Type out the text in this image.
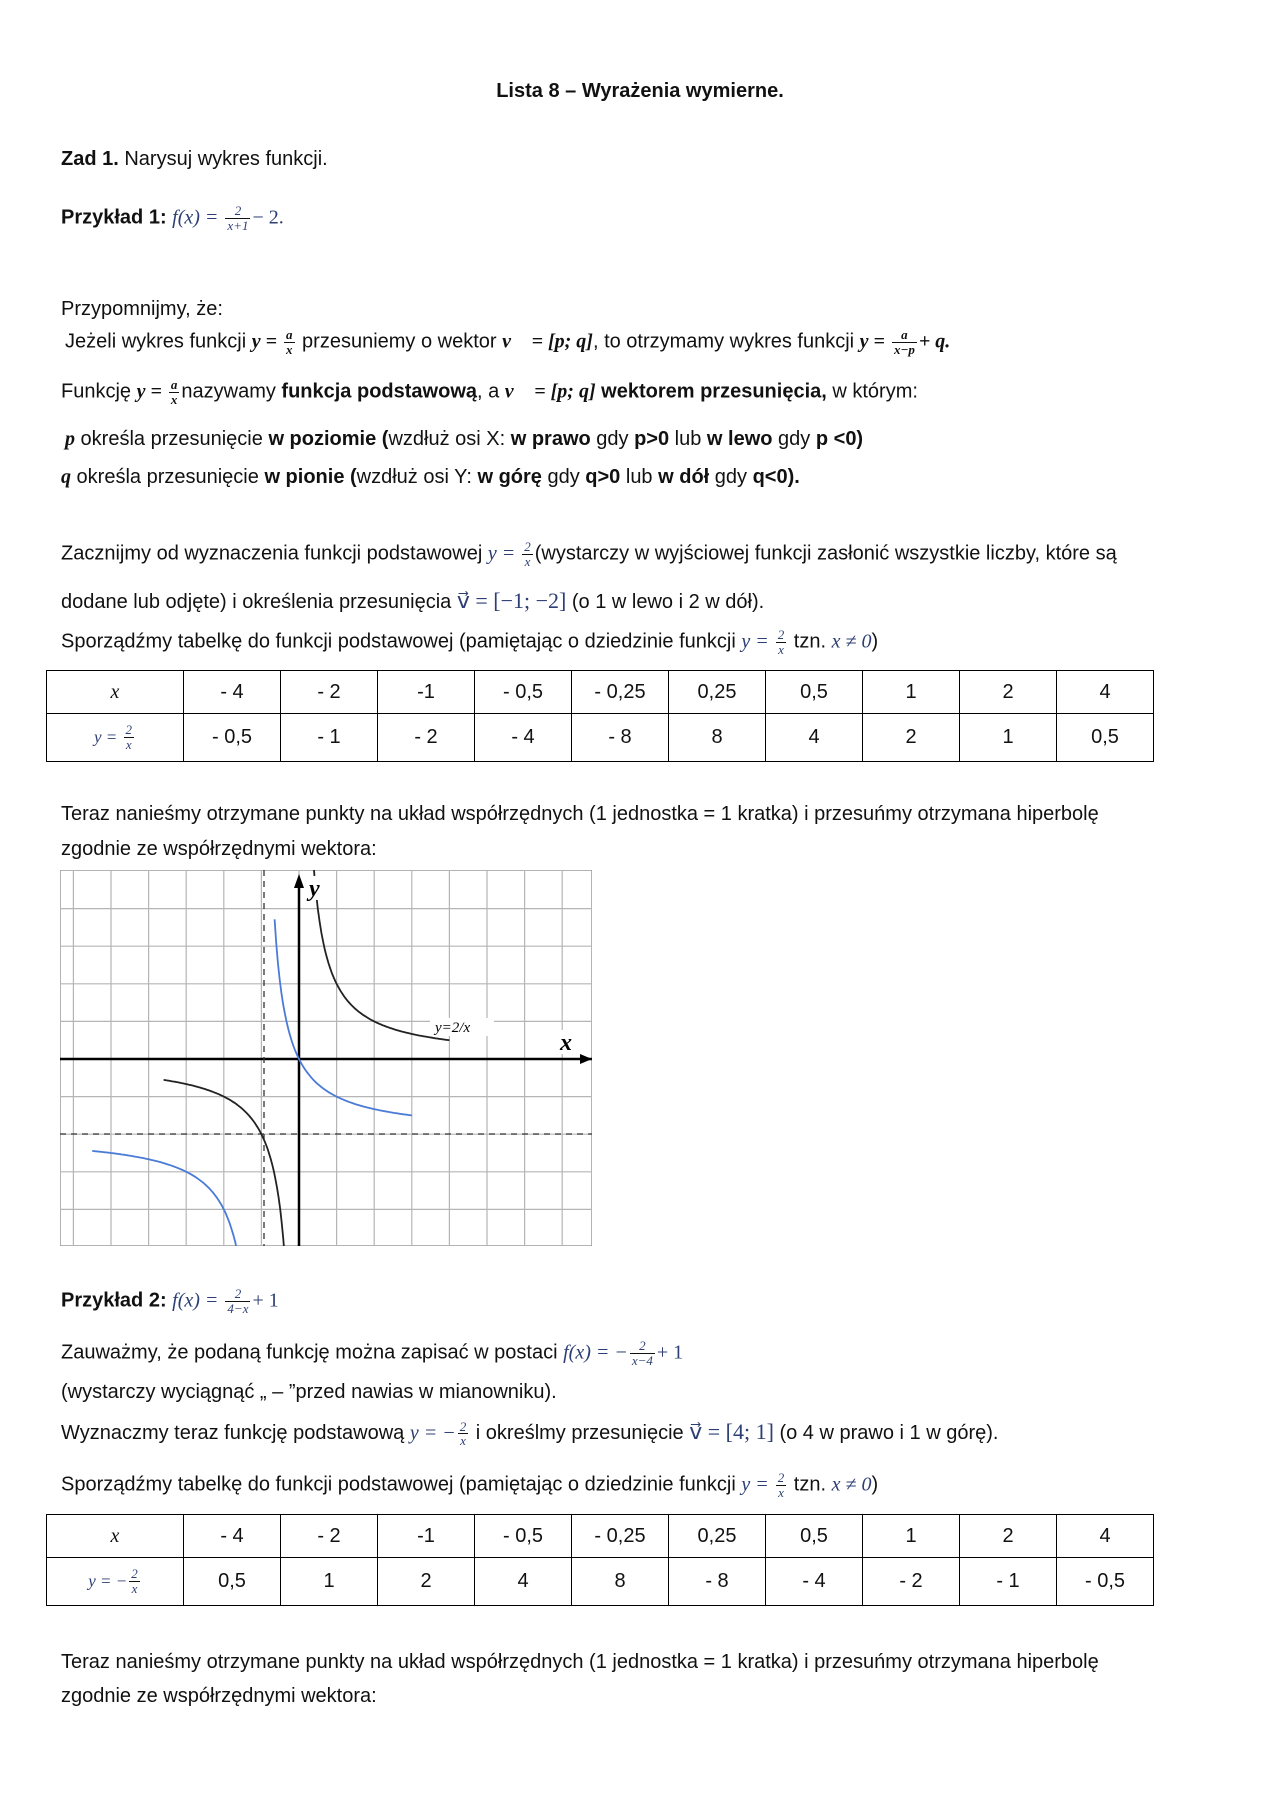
Lista 8 – Wyrażenia wymierne.
Zad 1. Narysuj wykres funkcji.
Przykład 1: $f(x) = \frac{2}{x+1} - 2$.
Przypomnijmy, że:
Jeżeli wykres funkcji $y = \frac{a}{x}$ przesuniemy o wektor v⃗ = [p; q], to otrzymamy wykres funkcji $y = \frac{a}{x-p} + q$.
Funkcję $y = \frac{a}{x}$ nazywamy funkcja podstawową, a v⃗ = [p; q] wektorem przesunięcia, w którym:
p określa przesunięcie w poziomie (wzdłuż osi X: w prawo gdy p>0 lub w lewo gdy p <0)
q określa przesunięcie w pionie (wzdłuż osi Y: w górę gdy q>0 lub w dół gdy q<0).
Zacznijmy od wyznaczenia funkcji podstawowej $y = \frac{2}{x}$ (wystarczy w wyjściowej funkcji zasłonić wszystkie liczby, które są
dodane lub odjęte) i określenia przesunięcia v⃗ = [−1; −2] (o 1 w lewo i 2 w dół).
Sporządźmy tabelkę do funkcji podstawowej (pamiętając o dziedzinie funkcji $y = \frac{2}{x}$ tzn. x ≠ 0)
x	- 4	- 2	-1	- 0,5	- 0,25	0,25	0,5	1	2	4
$y = \frac{2}{x}$	- 0,5	- 1	- 2	- 4	- 8	8	4	2	1	0,5
Teraz nanieśmy otrzymane punkty na układ współrzędnych (1 jednostka = 1 kratka) i przesuńmy otrzymana hiperbolę
zgodnie ze współrzędnymi wektora:
y=2/x
y
x
Przykład 2: $f(x) = \frac{2}{4-x} + 1$
Zauważmy, że podaną funkcję można zapisać w postaci f(x) = − $\frac{2}{x-4} + 1$
(wystarczy wyciągnąć „ – ”przed nawias w mianowniku).
Wyznaczmy teraz funkcję podstawową y = − $\frac{2}{x}$ i określmy przesunięcie v⃗ = [4; 1] (o 4 w prawo i 1 w górę).
Sporządźmy tabelkę do funkcji podstawowej (pamiętając o dziedzinie funkcji $y = \frac{2}{x}$ tzn. x ≠ 0)
x	- 4	- 2	-1	- 0,5	- 0,25	0,25	0,5	1	2	4
y = − $\frac{2}{x}$	0,5	1	2	4	8	- 8	- 4	- 2	- 1	- 0,5
Teraz nanieśmy otrzymane punkty na układ współrzędnych (1 jednostka = 1 kratka) i przesuńmy otrzymana hiperbolę
zgodnie ze współrzędnymi wektora:
